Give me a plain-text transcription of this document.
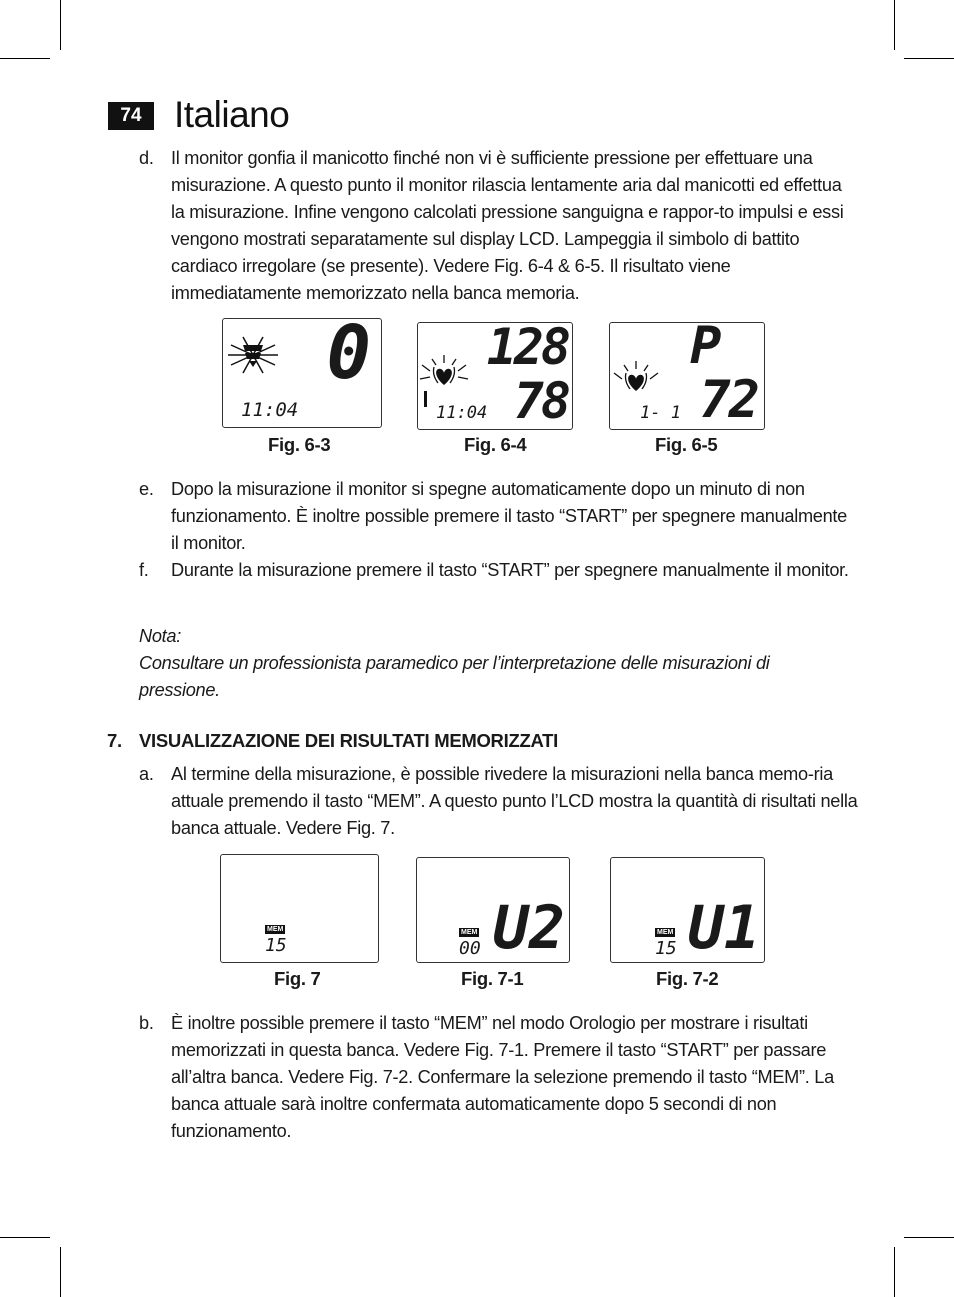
74 Italiano
d. Il monitor gonfia il manicotto finché non vi è sufficiente pressione per effettuare una misurazione. A questo punto il monitor rilascia lentamente aria dal manicotti ed effettua la misurazione. Infine vengono calcolati pressione sanguigna e rappor-to impulsi e essi vengono mostrati separatamente sul display LCD. Lampeggia il simbolo di battito cardiaco irregolare (se presente). Vedere Fig. 6-4 & 6-5. Il risultato viene immediatamente memorizzato nella banca memoria.
0
11:04
Fig. 6-3
128
78
11:04
Fig. 6-4
P
72
1- 1
Fig. 6-5
e. Dopo la misurazione il monitor si spegne automaticamente dopo un minuto di non funzionamento. È inoltre possible premere il tasto “START” per spegnere manualmente il monitor.
f.	Durante la misurazione premere il tasto “START” per spegnere manualmente il monitor.
Nota:
Consultare un professionista paramedico per l’interpretazione delle misurazioni di pressione.
7. VISUALIZZAZIONE DEI RISULTATI MEMORIZZATI
a. Al termine della misurazione, è possible rivedere la misurazioni nella banca memo-ria attuale premendo il tasto “MEM”. A questo punto l’LCD mostra la quantità di risultati nella banca attuale. Vedere Fig. 7.
MEM
15
Fig. 7
MEM
00 U2
Fig. 7-1
MEM
15 U1
Fig. 7-2
b. È inoltre possible premere il tasto “MEM” nel modo Orologio per mostrare i risultati memorizzati in questa banca. Vedere Fig. 7-1. Premere il tasto “START” per passare all’altra banca. Vedere Fig. 7-2. Confermare la selezione premendo il tasto “MEM”. La banca attuale sarà inoltre confermata automaticamente dopo 5 secondi di non funzionamento.
